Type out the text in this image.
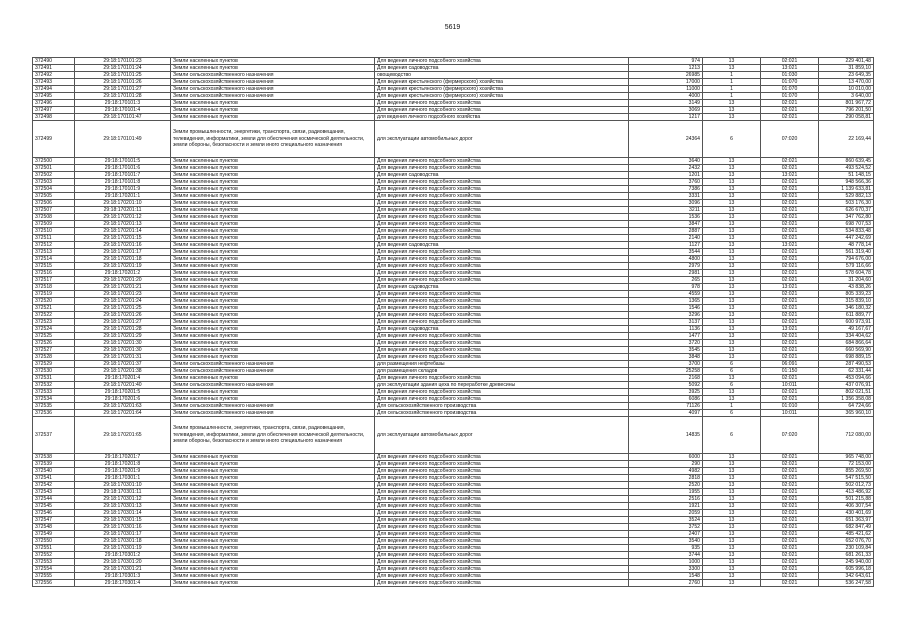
5619
372490	29:18:170101:23	Земли населенных пунктов	Для ведения личного подсобного хозяйства	974	13	02:021	229 401,48
372491	29:18:170101:24	Земли населенных пунктов	Для ведения садоводства	1213	13	13:021	31 859,10
372492	29:18:170101:25	Земли сельскохозяйственного назначения	овощеводство	26985	1	01:030	23 649,35
372493	29:18:170101:26	Земли сельскохозяйственного назначения	Для ведения крестьянского (фермерского) хозяйства	17000	1	01:070	13 470,00
372494	29:18:170101:27	Земли сельскохозяйственного назначения	Для ведения крестьянского (фермерского) хозяйства	11000	1	01:070	10 010,00
372495	29:18:170101:28	Земли сельскохозяйственного назначения	Для ведения крестьянского (фермерского) хозяйства	4000	1	01:070	3 640,00
372496	29:18:170101:3	Земли населенных пунктов	Для ведения личного подсобного хозяйства	3149	13	02:021	801 967,72
372497	29:18:170101:4	Земли населенных пунктов	Для ведения личного подсобного хозяйства	3069	13	02:021	796 201,50
372498	29:18:170101:47	Земли населенных пунктов	для ведения личного подсобного хозяйства	1217	13	02:021	290 058,81
372499	29:18:170101:49	Земли промышленности, энергетики, транспорта, связи, радиовещания, телевидения, информатики, земли для обеспечения космической деятельности, земли обороны, безопасности и земли иного специального назначения	для эксплуатации автомобильных дорог	24364	6	07:020	22 169,44
372500	29:18:170101:5	Земли населенных пунктов	Для ведения личного подсобного хозяйства	3640	13	02:021	860 639,45
372501	29:18:170101:6	Земли населенных пунктов	Для ведения личного подсобного хозяйства	2432	13	02:021	493 524,52
372502	29:18:170101:7	Земли населенных пунктов	Для ведения садоводства	1201	13	13:021	51 148,15
372503	29:18:170101:8	Земли населенных пунктов	Для ведения личного подсобного хозяйства	3760	13	02:021	948 566,36
372504	29:18:170101:9	Земли населенных пунктов	Для ведения личного подсобного хозяйства	7386	13	02:021	1 139 633,81
372505	29:18:170201:1	Земли населенных пунктов	Для ведения личного подсобного хозяйства	3331	13	02:021	529 882,13
372506	29:18:170201:10	Земли населенных пунктов	Для ведения личного подсобного хозяйства	3096	13	02:021	503 176,30
372507	29:18:170201:11	Земли населенных пунктов	Для ведения личного подсобного хозяйства	3211	13	02:021	626 670,37
372508	29:18:170201:12	Земли населенных пунктов	Для ведения личного подсобного хозяйства	1536	13	02:021	347 762,80
372509	29:18:170201:13	Земли населенных пунктов	Для ведения личного подсобного хозяйства	3847	13	02:021	698 707,53
372510	29:18:170201:14	Земли населенных пунктов	Для ведения личного подсобного хозяйства	2887	13	02:021	534 833,48
372511	29:18:170201:15	Земли населенных пунктов	Для ведения личного подсобного хозяйства	2140	13	02:021	447 242,69
372512	29:18:170201:16	Земли населенных пунктов	Для ведения садоводства	1127	13	13:021	48 778,14
372513	29:18:170201:17	Земли населенных пунктов	Для ведения личного подсобного хозяйства	3544	13	02:021	561 319,40
372514	29:18:170201:18	Земли населенных пунктов	Для ведения личного подсобного хозяйства	4800	13	02:021	794 676,00
372515	29:18:170201:19	Земли населенных пунктов	Для ведения личного подсобного хозяйства	2979	13	02:021	579 116,66
372516	29:18:170201:2	Земли населенных пунктов	Для ведения личного подсобного хозяйства	2981	13	02:021	578 604,78
372517	29:18:170201:20	Земли населенных пунктов	Для ведения личного подсобного хозяйства	265	13	02:021	31 204,60
372518	29:18:170201:21	Земли населенных пунктов	Для ведения садоводства	978	13	13:021	43 838,26
372519	29:18:170201:23	Земли населенных пунктов	Для ведения личного подсобного хозяйства	4559	13	02:021	805 339,23
372520	29:18:170201:24	Земли населенных пунктов	Для ведения личного подсобного хозяйства	1365	13	02:021	315 839,10
372521	29:18:170201:25	Земли населенных пунктов	Для ведения личного подсобного хозяйства	1546	13	02:021	346 180,32
372522	29:18:170201:26	Земли населенных пунктов	Для ведения личного подсобного хозяйства	3296	13	02:021	611 889,77
372523	29:18:170201:27	Земли населенных пунктов	Для ведения личного подсобного хозяйства	3137	13	02:021	600 973,91
372524	29:18:170201:28	Земли населенных пунктов	Для ведения садоводства	1136	13	13:021	49 167,67
372525	29:18:170201:29	Земли населенных пунктов	Для ведения личного подсобного хозяйства	1477	13	02:021	334 404,62
372526	29:18:170201:30	Земли населенных пунктов	Для ведения личного подсобного хозяйства	3720	13	02:021	684 866,64
372527	29:18:170201:30	Земли населенных пунктов	Для ведения личного подсобного хозяйства	3545	13	02:021	660 569,90
372528	29:18:170201:31	Земли населенных пунктов	Для ведения личного подсобного хозяйства	3848	13	02:021	698 889,15
372529	29:18:170201:37	Земли сельскохозяйственного назначения	для размещения нефтебазы	3700	6	06:091	287 490,53
372530	29:18:170201:38	Земли сельскохозяйственного назначения	для размещения складов	25258	6	01:150	62 331,44
372531	29:18:170201:4	Земли населенных пунктов	Для ведения личного подсобного хозяйства	2168	13	02:021	453 094,66
372532	29:18:170201:40	Земли сельскохозяйственного назначения	для эксплуатации здания цеха по переработке древесины	5092	6	10:011	437 076,91
372533	29:18:170201:5	Земли населенных пунктов	Для ведения личного подсобного хозяйства	3925	13	02:021	802 021,51
372534	29:18:170201:6	Земли населенных пунктов	Для ведения личного подсобного хозяйства	6086	13	02:021	1 356 358,08
372535	29:18:170201:63	Земли сельскохозяйственного назначения	Для сельскохозяйственного производства	71126	1	01:010	64 724,66
372536	29:18:170201:64	Земли сельскохозяйственного назначения	Для сельскохозяйственного производства	4097	6	10:011	365 960,10
372537	29:18:170201:65	Земли промышленности, энергетики, транспорта, связи, радиовещания, телевидения, информатики, земли для обеспечения космической деятельности, земли обороны, безопасности и земли иного специального назначения	для эксплуатации автомобильных дорог	14835	6	07:020	712 080,00
372538	29:18:170201:7	Земли населенных пунктов	Для ведения личного подсобного хозяйства	6000	13	02:021	965 748,00
372539	29:18:170201:8	Земли населенных пунктов	Для ведения личного подсобного хозяйства	290	13	02:021	72 153,00
372540	29:18:170201:9	Земли населенных пунктов	Для ведения личного подсобного хозяйства	4982	13	02:021	855 269,50
372541	29:18:170301:1	Земли населенных пунктов	Для ведения личного подсобного хозяйства	2818	13	02:021	547 515,50
372542	29:18:170301:10	Земли населенных пунктов	Для ведения личного подсобного хозяйства	2520	13	02:021	502 012,73
372543	29:18:170301:11	Земли населенных пунктов	Для ведения личного подсобного хозяйства	1955	13	02:021	413 486,92
372544	29:18:170301:12	Земли населенных пунктов	Для ведения личного подсобного хозяйства	2516	13	02:021	501 215,88
372545	29:18:170301:13	Земли населенных пунктов	Для ведения личного подсобного хозяйства	1921	13	02:021	406 307,54
372546	29:18:170301:14	Земли населенных пунктов	Для ведения личного подсобного хозяйства	2059	13	02:021	430 401,69
372547	29:18:170301:15	Земли населенных пунктов	Для ведения личного подсобного хозяйства	3524	13	02:021	651 363,97
372548	29:18:170301:16	Земли населенных пунктов	Для ведения личного подсобного хозяйства	3752	13	02:021	682 847,49
372549	29:18:170301:17	Земли населенных пунктов	Для ведения личного подсобного хозяйства	2407	13	02:021	485 421,62
372550	29:18:170301:18	Земли населенных пунктов	Для ведения личного подсобного хозяйства	3540	13	02:021	652 076,70
372551	29:18:170301:19	Земли населенных пунктов	Для ведения личного подсобного хозяйства	935	13	02:021	230 109,84
372552	29:18:170301:2	Земли населенных пунктов	Для ведения личного подсобного хозяйства	3744	13	02:021	681 261,33
372553	29:18:170301:20	Земли населенных пунктов	Для ведения личного подсобного хозяйства	1000	13	02:021	245 940,00
372554	29:18:170301:21	Земли населенных пунктов	Для ведения личного подсобного хозяйства	3300	13	02:021	605 996,18
372555	29:18:170301:3	Земли населенных пунктов	Для ведения личного подсобного хозяйства	1548	13	02:021	342 643,61
372556	29:18:170301:4	Земли населенных пунктов	Для ведения личного подсобного хозяйства	2760	13	02:021	536 247,58
